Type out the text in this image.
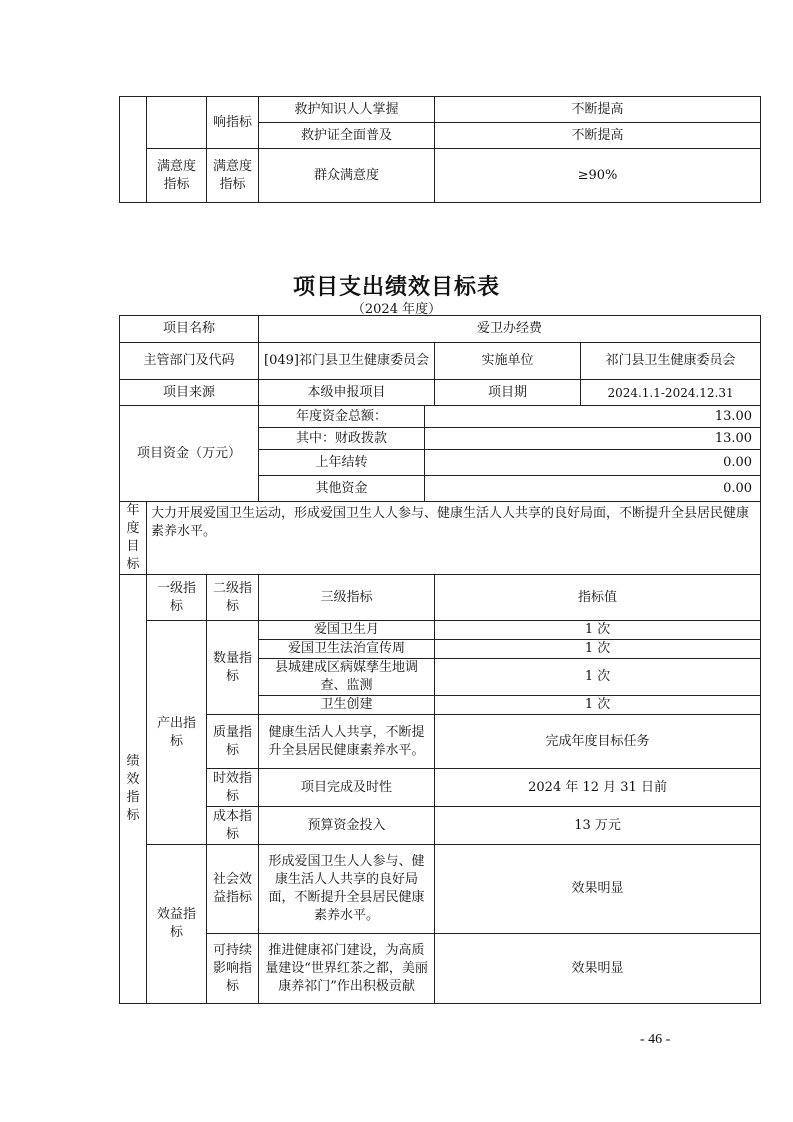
		响指标	救护知识人人掌握	不断提高
			救护证全面普及	不断提高
	满意度指标	满意度指标	群众满意度	≥90%
项目支出绩效目标表
（2024 年度）
项目名称			爱卫办经费			
主管部门及代码			[049]祁门县卫生健康委员会		实施单位	祁门县卫生健康委员会
项目来源			本级申报项目		项目期	2024.1.1-2024.12.31
项目资金（万元）			年度资金总额：	13.00		
			其中：财政拨款	13.00		
			上年结转	0.00		
			其他资金	0.00		
年度目标	大力开展爱国卫生运动，形成爱国卫生人人参与、健康生活人人共享的良好局面，不断提升全县居民健康素养水平。					
绩效指标	一级指标	二级指标	三级指标		指标值	
	产出指标	数量指标	爱国卫生月		1 次	
			爱国卫生法治宣传周		1 次	
			县城建成区病媒孳生地调查、监测		1 次	
			卫生创建		1 次	
		质量指标	健康生活人人共享，不断提升全县居民健康素养水平。		完成年度目标任务	
		时效指标	项目完成及时性		2024 年 12 月 31 日前	
		成本指标	预算资金投入		13 万元	
	效益指标	社会效益指标	形成爱国卫生人人参与、健康生活人人共享的良好局面，不断提升全县居民健康素养水平。		效果明显	
		可持续影响指标	推进健康祁门建设，为高质量建设“世界红茶之都，美丽康养祁门”作出积极贡献		效果明显	
- 46 -
